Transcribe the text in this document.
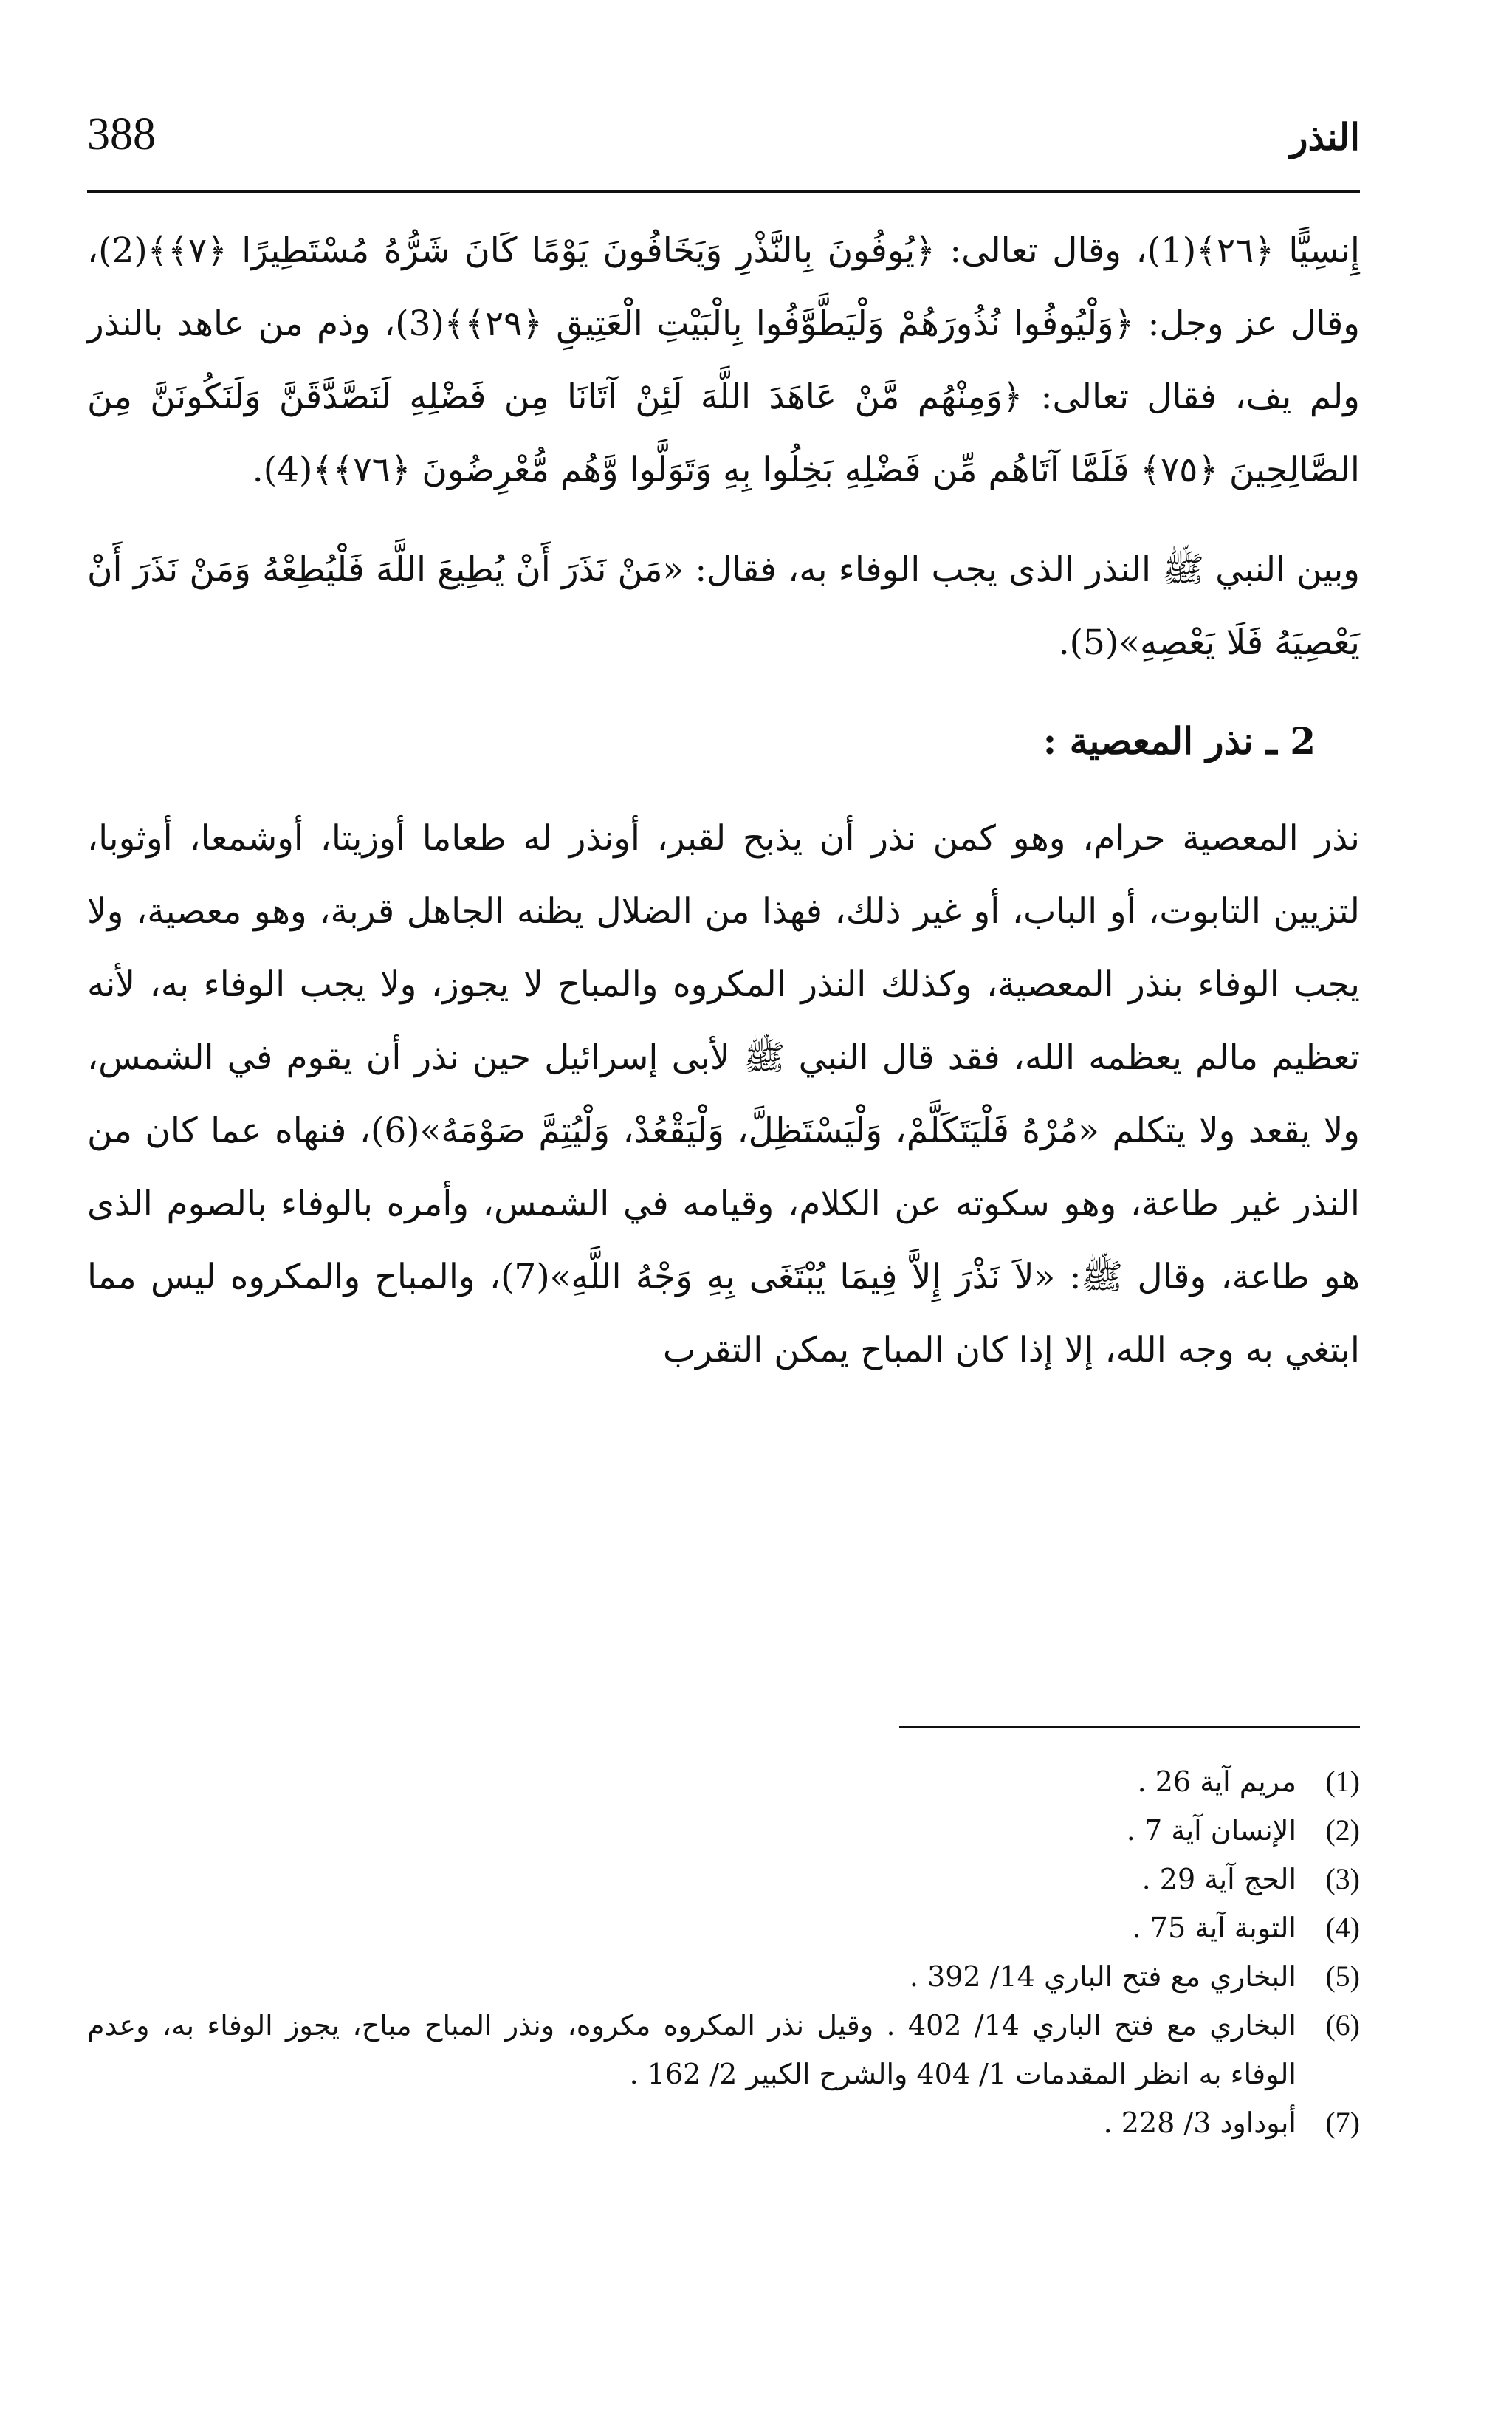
388	النذر

إِنسِيًّا ﴿٢٦﴾(1)، وقال تعالى: ﴿يُوفُونَ بِالنَّذْرِ وَيَخَافُونَ يَوْمًا كَانَ شَرُّهُ مُسْتَطِيرًا ﴿٧﴾﴾(2)، وقال عز وجل: ﴿وَلْيُوفُوا نُذُورَهُمْ وَلْيَطَّوَّفُوا بِالْبَيْتِ الْعَتِيقِ ﴿٢٩﴾﴾(3)، وذم من عاهد بالنذر ولم يف، فقال تعالى: ﴿وَمِنْهُم مَّنْ عَاهَدَ اللَّهَ لَئِنْ آتَانَا مِن فَضْلِهِ لَنَصَّدَّقَنَّ وَلَنَكُونَنَّ مِنَ الصَّالِحِينَ ﴿٧٥﴾ فَلَمَّا آتَاهُم مِّن فَضْلِهِ بَخِلُوا بِهِ وَتَوَلَّوا وَّهُم مُّعْرِضُونَ ﴿٧٦﴾﴾(4).

وبين النبي ﷺ النذر الذى يجب الوفاء به، فقال: «مَنْ نَذَرَ أَنْ يُطِيعَ اللَّهَ فَلْيُطِعْهُ وَمَنْ نَذَرَ أَنْ يَعْصِيَهُ فَلَا يَعْصِهِ»(5).

2 ـ نذر المعصية :

نذر المعصية حرام، وهو كمن نذر أن يذبح لقبر، أونذر له طعاما أوزيتا، أوشمعا، أوثوبا، لتزيين التابوت، أو الباب، أو غير ذلك، فهذا من الضلال يظنه الجاهل قربة، وهو معصية، ولا يجب الوفاء بنذر المعصية، وكذلك النذر المكروه والمباح لا يجوز، ولا يجب الوفاء به، لأنه تعظيم مالم يعظمه الله، فقد قال النبي ﷺ لأبى إسرائيل حين نذر أن يقوم في الشمس، ولا يقعد ولا يتكلم «مُرْهُ فَلْيَتَكَلَّمْ، وَلْيَسْتَظِلَّ، وَلْيَقْعُدْ، وَلْيُتِمَّ صَوْمَهُ»(6)، فنهاه عما كان من النذر غير طاعة، وهو سكوته عن الكلام، وقيامه في الشمس، وأمره بالوفاء بالصوم الذى هو طاعة، وقال ﷺ: «لاَ نَذْرَ إِلاَّ فِيمَا يُبْتَغَى بِهِ وَجْهُ اللَّهِ»(7)، والمباح والمكروه ليس مما ابتغي به وجه الله، إلا إذا كان المباح يمكن التقرب

(1)
مريم آية 26 .
(2)
الإنسان آية 7 .
(3)
الحج آية 29 .
(4)
التوبة آية 75 .
(5)
البخاري مع فتح الباري 14/ 392 .
(6)
البخاري مع فتح الباري 14/ 402 . وقيل نذر المكروه مكروه، ونذر المباح مباح، يجوز الوفاء به، وعدم الوفاء به انظر المقدمات 1/ 404 والشرح الكبير 2/ 162 .
(7)
أبوداود 3/ 228 .
